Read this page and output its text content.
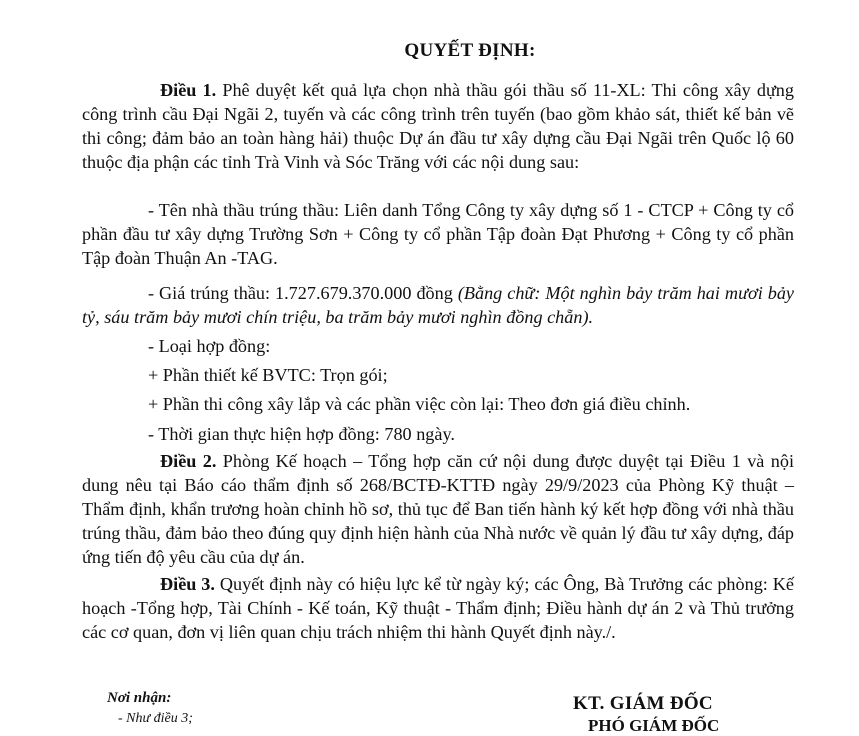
QUYẾT ĐỊNH:
Điều 1. Phê duyệt kết quả lựa chọn nhà thầu gói thầu số 11-XL: Thi công xây dựng công trình cầu Đại Ngãi 2, tuyến và các công trình trên tuyến (bao gồm khảo sát, thiết kế bản vẽ thi công; đảm bảo an toàn hàng hải) thuộc Dự án đầu tư xây dựng cầu Đại Ngãi trên Quốc lộ 60 thuộc địa phận các tỉnh Trà Vinh và Sóc Trăng với các nội dung sau:
- Tên nhà thầu trúng thầu: Liên danh Tổng Công ty xây dựng số 1 - CTCP + Công ty cổ phần đầu tư xây dựng Trường Sơn + Công ty cổ phần Tập đoàn Đạt Phương + Công ty cổ phần Tập đoàn Thuận An -TAG.
- Giá trúng thầu: 1.727.679.370.000 đồng (Bằng chữ: Một nghìn bảy trăm hai mươi bảy tỷ, sáu trăm bảy mươi chín triệu, ba trăm bảy mươi nghìn đồng chẵn).
- Loại hợp đồng:
+ Phần thiết kế BVTC: Trọn gói;
+ Phần thi công xây lắp và các phần việc còn lại: Theo đơn giá điều chỉnh.
- Thời gian thực hiện hợp đồng: 780 ngày.
Điều 2. Phòng Kế hoạch – Tổng hợp căn cứ nội dung được duyệt tại Điều 1 và nội dung nêu tại Báo cáo thẩm định số 268/BCTĐ-KTTĐ ngày 29/9/2023 của Phòng Kỹ thuật – Thẩm định, khẩn trương hoàn chỉnh hồ sơ, thủ tục để Ban tiến hành ký kết hợp đồng với nhà thầu trúng thầu, đảm bảo theo đúng quy định hiện hành của Nhà nước về quản lý đầu tư xây dựng, đáp ứng tiến độ yêu cầu của dự án.
Điều 3. Quyết định này có hiệu lực kể từ ngày ký; các Ông, Bà Trưởng các phòng: Kế hoạch -Tổng hợp, Tài Chính - Kế toán, Kỹ thuật - Thẩm định; Điều hành dự án 2 và Thủ trưởng các cơ quan, đơn vị liên quan chịu trách nhiệm thi hành Quyết định này./.
Nơi nhận:
- Như điều 3;
KT. GIÁM ĐỐC
PHÓ GIÁM ĐỐC
